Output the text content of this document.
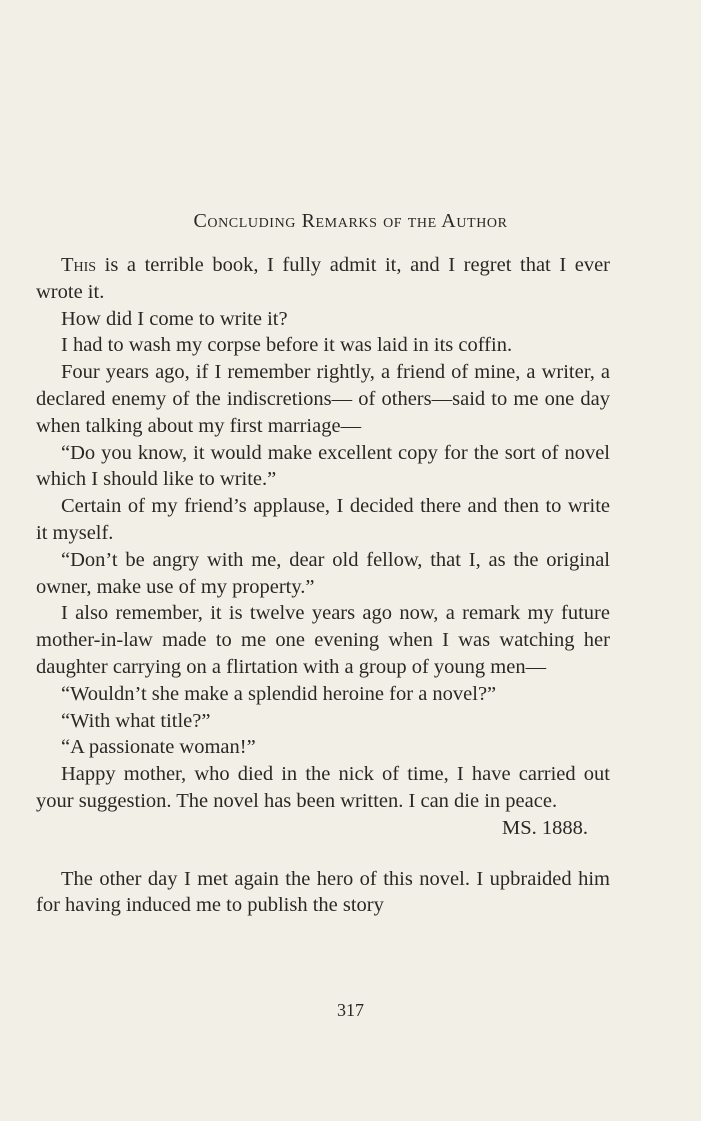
Concluding Remarks of the Author

This is a terrible book, I fully admit it, and I regret that I ever wrote it.

How did I come to write it?

I had to wash my corpse before it was laid in its coffin.

Four years ago, if I remember rightly, a friend of mine, a writer, a declared enemy of the indiscretions— of others—said to me one day when talking about my first marriage—

“Do you know, it would make excellent copy for the sort of novel which I should like to write.”

Certain of my friend’s applause, I decided there and then to write it myself.

“Don’t be angry with me, dear old fellow, that I, as the original owner, make use of my property.”

I also remember, it is twelve years ago now, a remark my future mother-in-law made to me one evening when I was watching her daughter carrying on a flirtation with a group of young men—

“Wouldn’t she make a splendid heroine for a novel?”

“With what title?”

“A passionate woman!”

Happy mother, who died in the nick of time, I have carried out your suggestion. The novel has been written. I can die in peace.

MS. 1888.

The other day I met again the hero of this novel. I upbraided him for having induced me to publish the story

317
